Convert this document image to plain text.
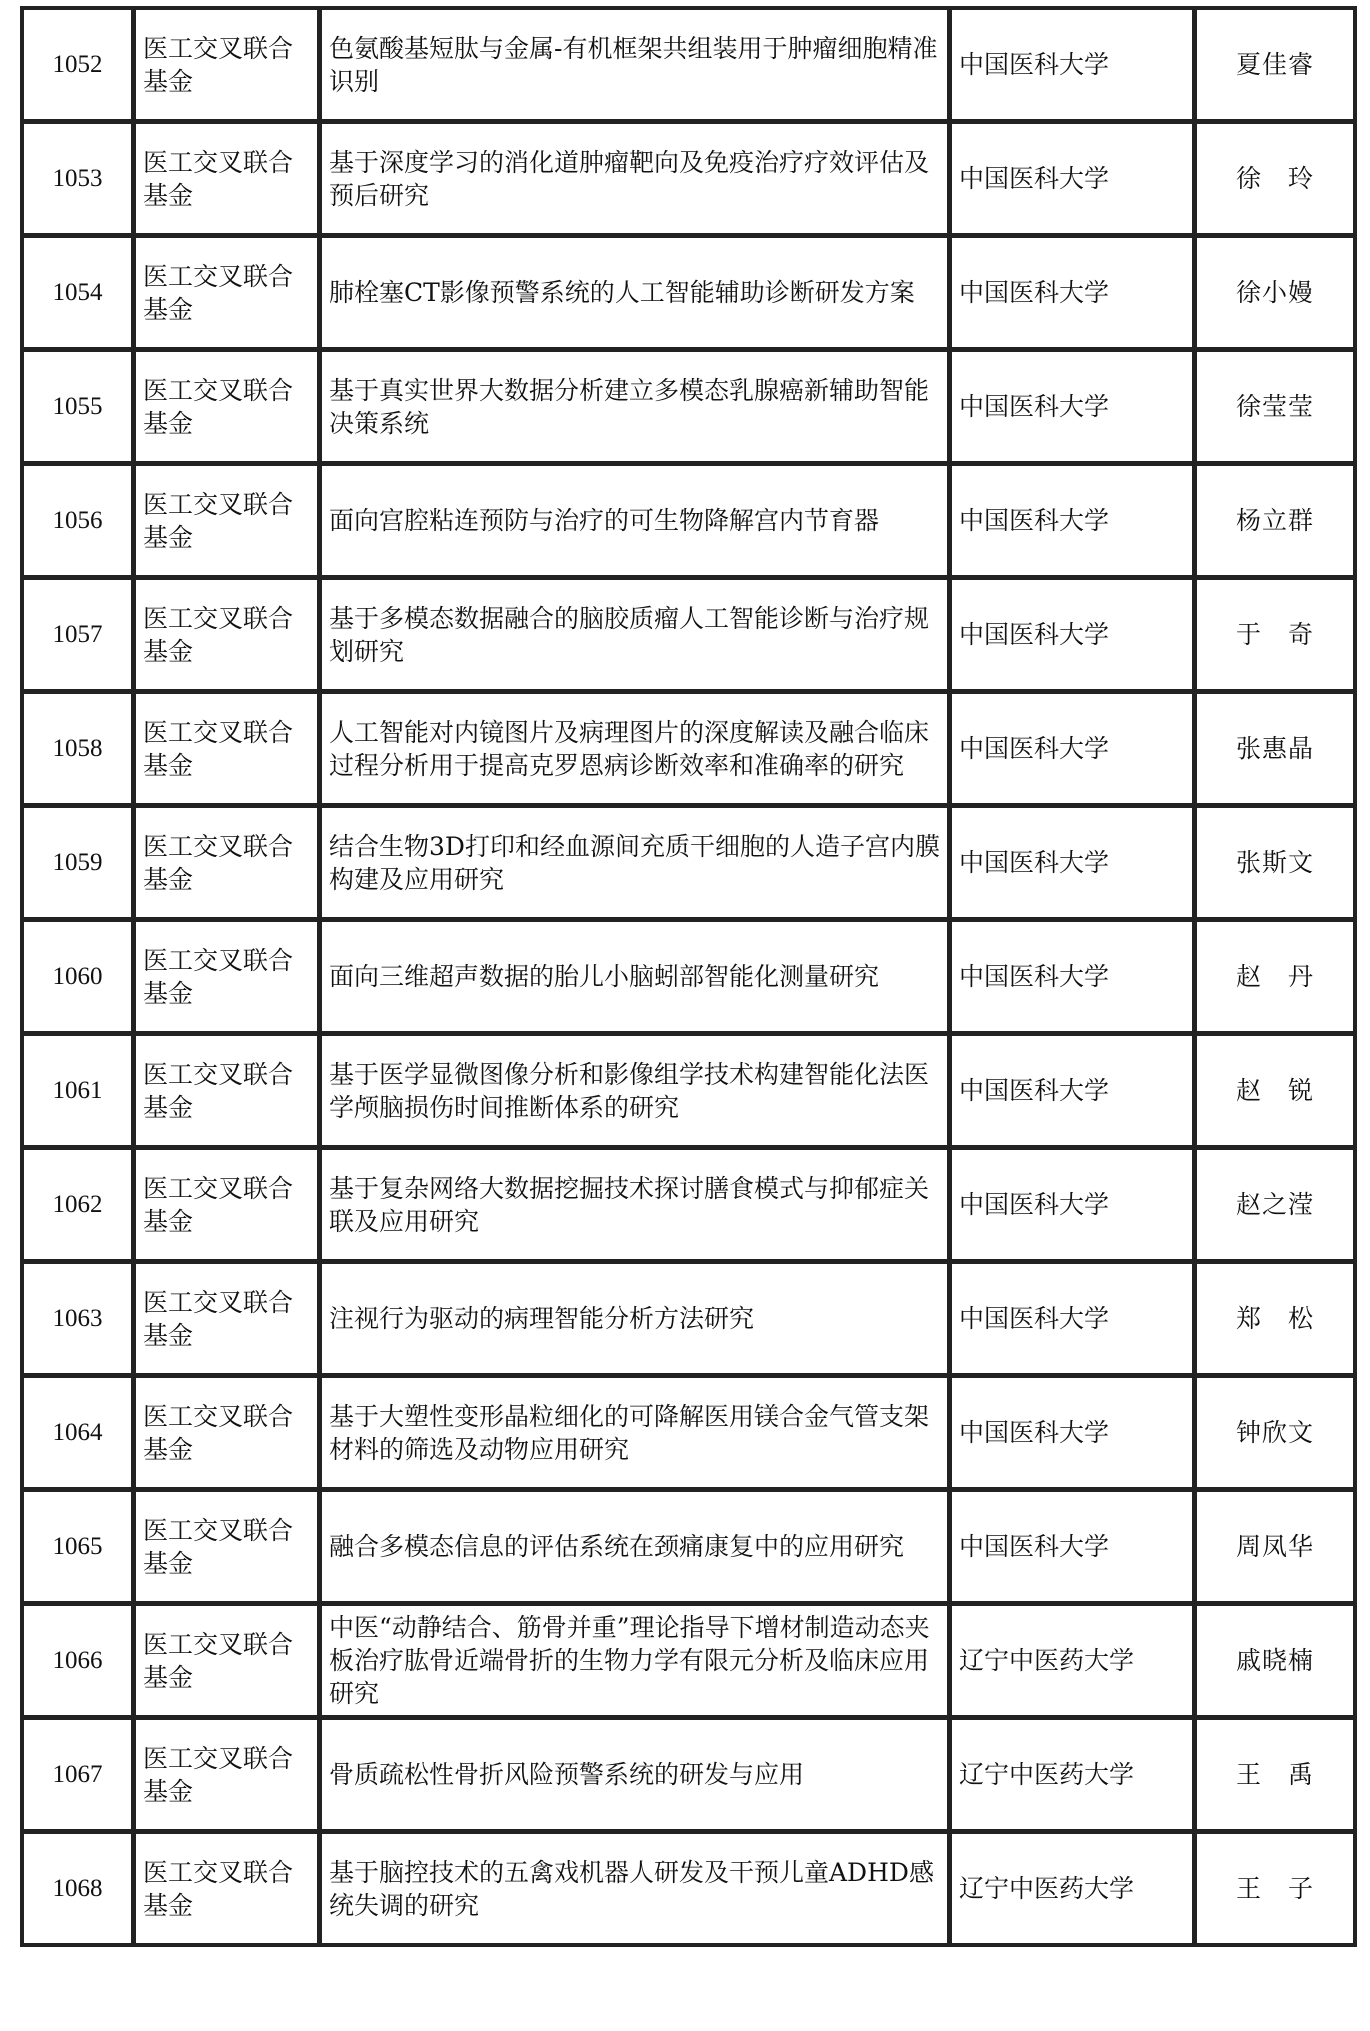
1052	医工交叉联合基金	色氨酸基短肽与金属-有机框架共组装用于肿瘤细胞精准识别	中国医科大学	夏佳睿
1053	医工交叉联合基金	基于深度学习的消化道肿瘤靶向及免疫治疗疗效评估及预后研究	中国医科大学	徐　玲
1054	医工交叉联合基金	肺栓塞CT影像预警系统的人工智能辅助诊断研发方案	中国医科大学	徐小嫚
1055	医工交叉联合基金	基于真实世界大数据分析建立多模态乳腺癌新辅助智能决策系统	中国医科大学	徐莹莹
1056	医工交叉联合基金	面向宫腔粘连预防与治疗的可生物降解宫内节育器	中国医科大学	杨立群
1057	医工交叉联合基金	基于多模态数据融合的脑胶质瘤人工智能诊断与治疗规划研究	中国医科大学	于　奇
1058	医工交叉联合基金	人工智能对内镜图片及病理图片的深度解读及融合临床过程分析用于提高克罗恩病诊断效率和准确率的研究	中国医科大学	张惠晶
1059	医工交叉联合基金	结合生物3D打印和经血源间充质干细胞的人造子宫内膜构建及应用研究	中国医科大学	张斯文
1060	医工交叉联合基金	面向三维超声数据的胎儿小脑蚓部智能化测量研究	中国医科大学	赵　丹
1061	医工交叉联合基金	基于医学显微图像分析和影像组学技术构建智能化法医学颅脑损伤时间推断体系的研究	中国医科大学	赵　锐
1062	医工交叉联合基金	基于复杂网络大数据挖掘技术探讨膳食模式与抑郁症关联及应用研究	中国医科大学	赵之滢
1063	医工交叉联合基金	注视行为驱动的病理智能分析方法研究	中国医科大学	郑　松
1064	医工交叉联合基金	基于大塑性变形晶粒细化的可降解医用镁合金气管支架材料的筛选及动物应用研究	中国医科大学	钟欣文
1065	医工交叉联合基金	融合多模态信息的评估系统在颈痛康复中的应用研究	中国医科大学	周凤华
1066	医工交叉联合基金	中医“动静结合、筋骨并重”理论指导下增材制造动态夹板治疗肱骨近端骨折的生物力学有限元分析及临床应用研究	辽宁中医药大学	戚晓楠
1067	医工交叉联合基金	骨质疏松性骨折风险预警系统的研发与应用	辽宁中医药大学	王　禹
1068	医工交叉联合基金	基于脑控技术的五禽戏机器人研发及干预儿童ADHD感统失调的研究	辽宁中医药大学	王　子
